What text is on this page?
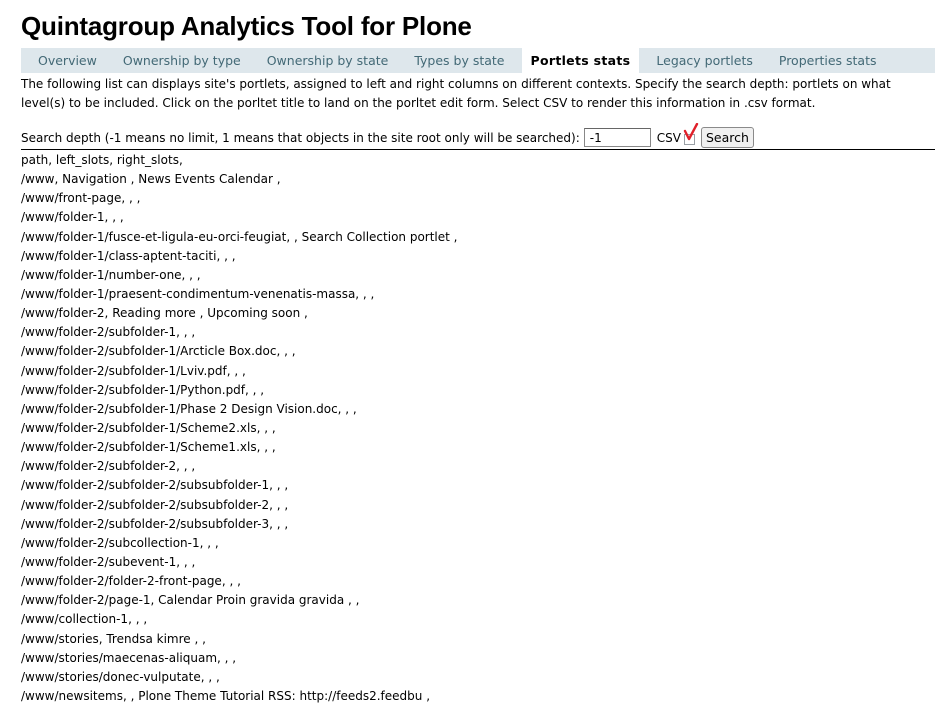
Quintagroup Analytics Tool for Plone
Overview	Ownership by type	Ownership by state	Types by state	Portlets stats	Legacy portlets	Properties stats

The following list can displays site's portlets, assigned to left and right columns on different contexts. Specify the search depth: portlets on what level(s) to be included. Click on the porltet title to land on the porltet edit form. Select CSV to render this information in .csv format.

Search depth (-1 means no limit, 1 means that objects in the site root only will be searched):
-1	CSV	Search
path, left_slots, right_slots,
/www, Navigation , News Events Calendar ,
/www/front-page, , ,
/www/folder-1, , ,
/www/folder-1/fusce-et-ligula-eu-orci-feugiat, , Search Collection portlet ,
/www/folder-1/class-aptent-taciti, , ,
/www/folder-1/number-one, , ,
/www/folder-1/praesent-condimentum-venenatis-massa, , ,
/www/folder-2, Reading more , Upcoming soon ,
/www/folder-2/subfolder-1, , ,
/www/folder-2/subfolder-1/Arcticle Box.doc, , ,
/www/folder-2/subfolder-1/Lviv.pdf, , ,
/www/folder-2/subfolder-1/Python.pdf, , ,
/www/folder-2/subfolder-1/Phase 2 Design Vision.doc, , ,
/www/folder-2/subfolder-1/Scheme2.xls, , ,
/www/folder-2/subfolder-1/Scheme1.xls, , ,
/www/folder-2/subfolder-2, , ,
/www/folder-2/subfolder-2/subsubfolder-1, , ,
/www/folder-2/subfolder-2/subsubfolder-2, , ,
/www/folder-2/subfolder-2/subsubfolder-3, , ,
/www/folder-2/subcollection-1, , ,
/www/folder-2/subevent-1, , ,
/www/folder-2/folder-2-front-page, , ,
/www/folder-2/page-1, Calendar Proin gravida gravida , ,
/www/collection-1, , ,
/www/stories, Trendsa kimre , ,
/www/stories/maecenas-aliquam, , ,
/www/stories/donec-vulputate, , ,
/www/newsitems, , Plone Theme Tutorial RSS: http://feeds2.feedbu ,
